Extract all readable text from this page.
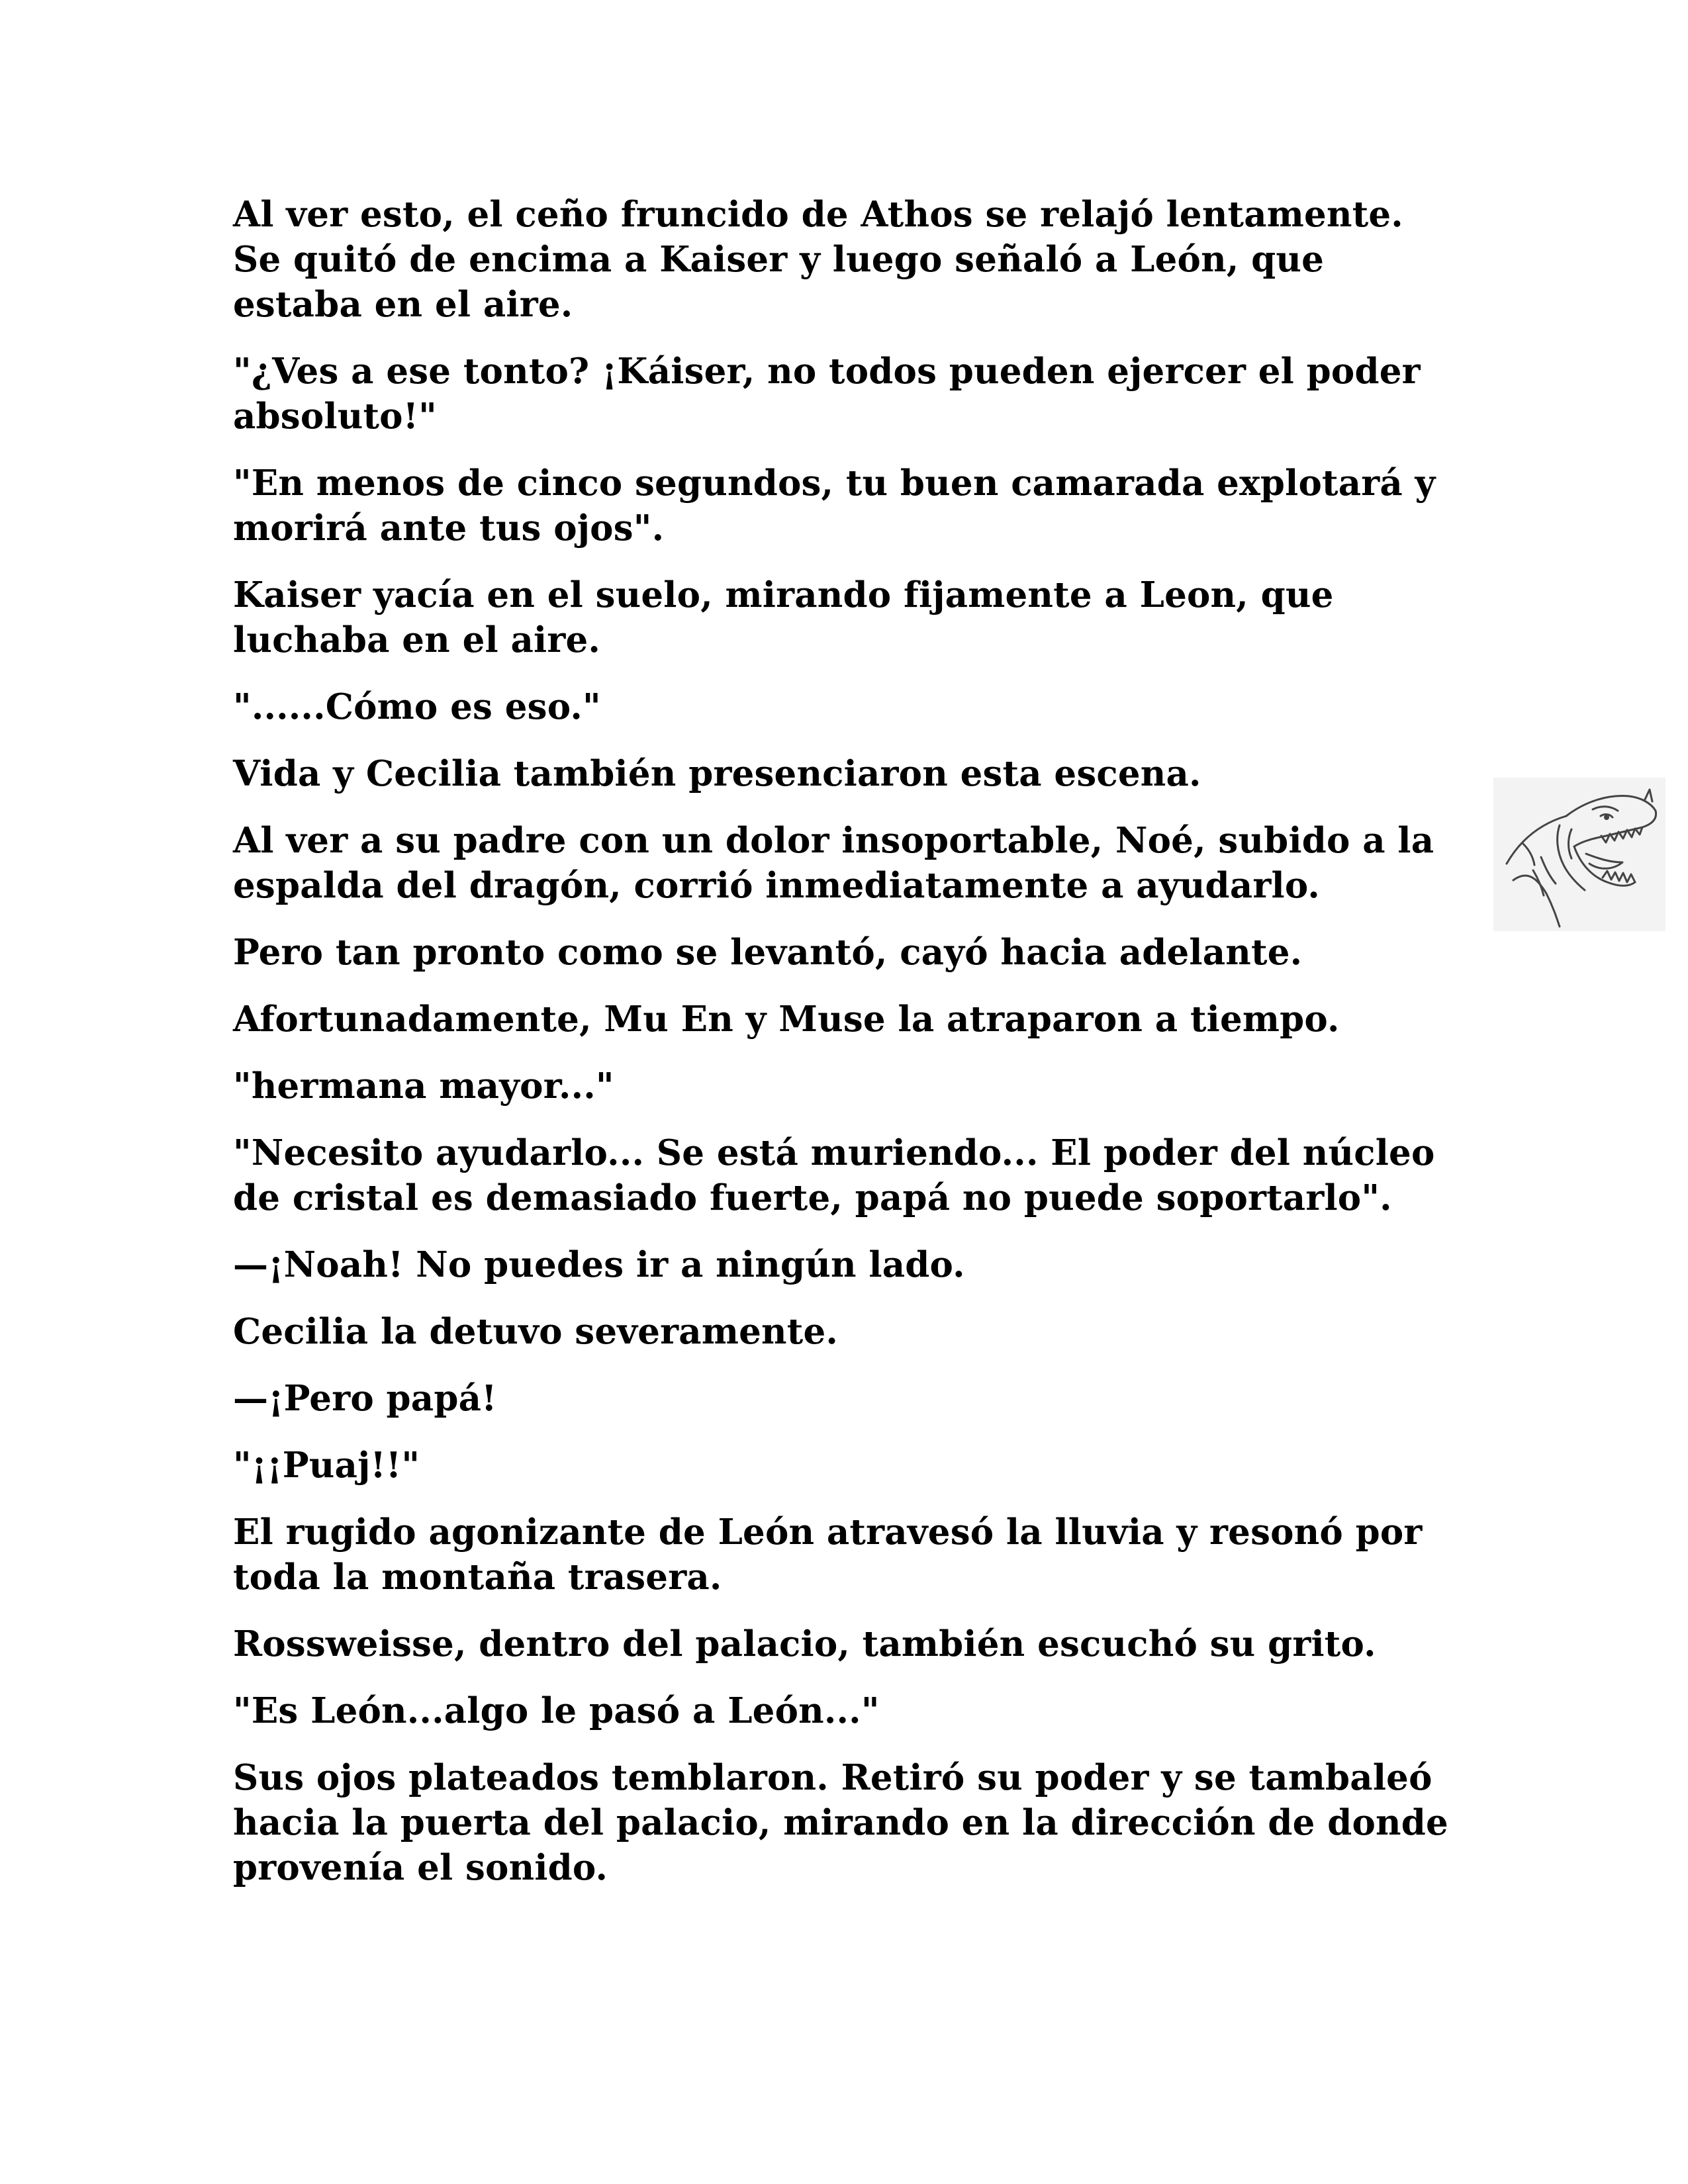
Al ver esto, el ceño fruncido de Athos se relajó lentamente. Se quitó de encima a Kaiser y luego señaló a León, que estaba en el aire.

"¿Ves a ese tonto? ¡Káiser, no todos pueden ejercer el poder absoluto!"

"En menos de cinco segundos, tu buen camarada explotará y morirá ante tus ojos".

Kaiser yacía en el suelo, mirando fijamente a Leon, que luchaba en el aire.

"......Cómo es eso."

Vida y Cecilia también presenciaron esta escena.

Al ver a su padre con un dolor insoportable, Noé, subido a la espalda del dragón, corrió inmediatamente a ayudarlo.

Pero tan pronto como se levantó, cayó hacia adelante.

Afortunadamente, Mu En y Muse la atraparon a tiempo.

"hermana mayor..."

"Necesito ayudarlo... Se está muriendo... El poder del núcleo de cristal es demasiado fuerte, papá no puede soportarlo".

—¡Noah! No puedes ir a ningún lado.

Cecilia la detuvo severamente.

—¡Pero papá!

"¡¡Puaj!!"

El rugido agonizante de León atravesó la lluvia y resonó por toda la montaña trasera.

Rossweisse, dentro del palacio, también escuchó su grito.

"Es León...algo le pasó a León..."

Sus ojos plateados temblaron. Retiró su poder y se tambaleó hacia la puerta del palacio, mirando en la dirección de donde provenía el sonido.
